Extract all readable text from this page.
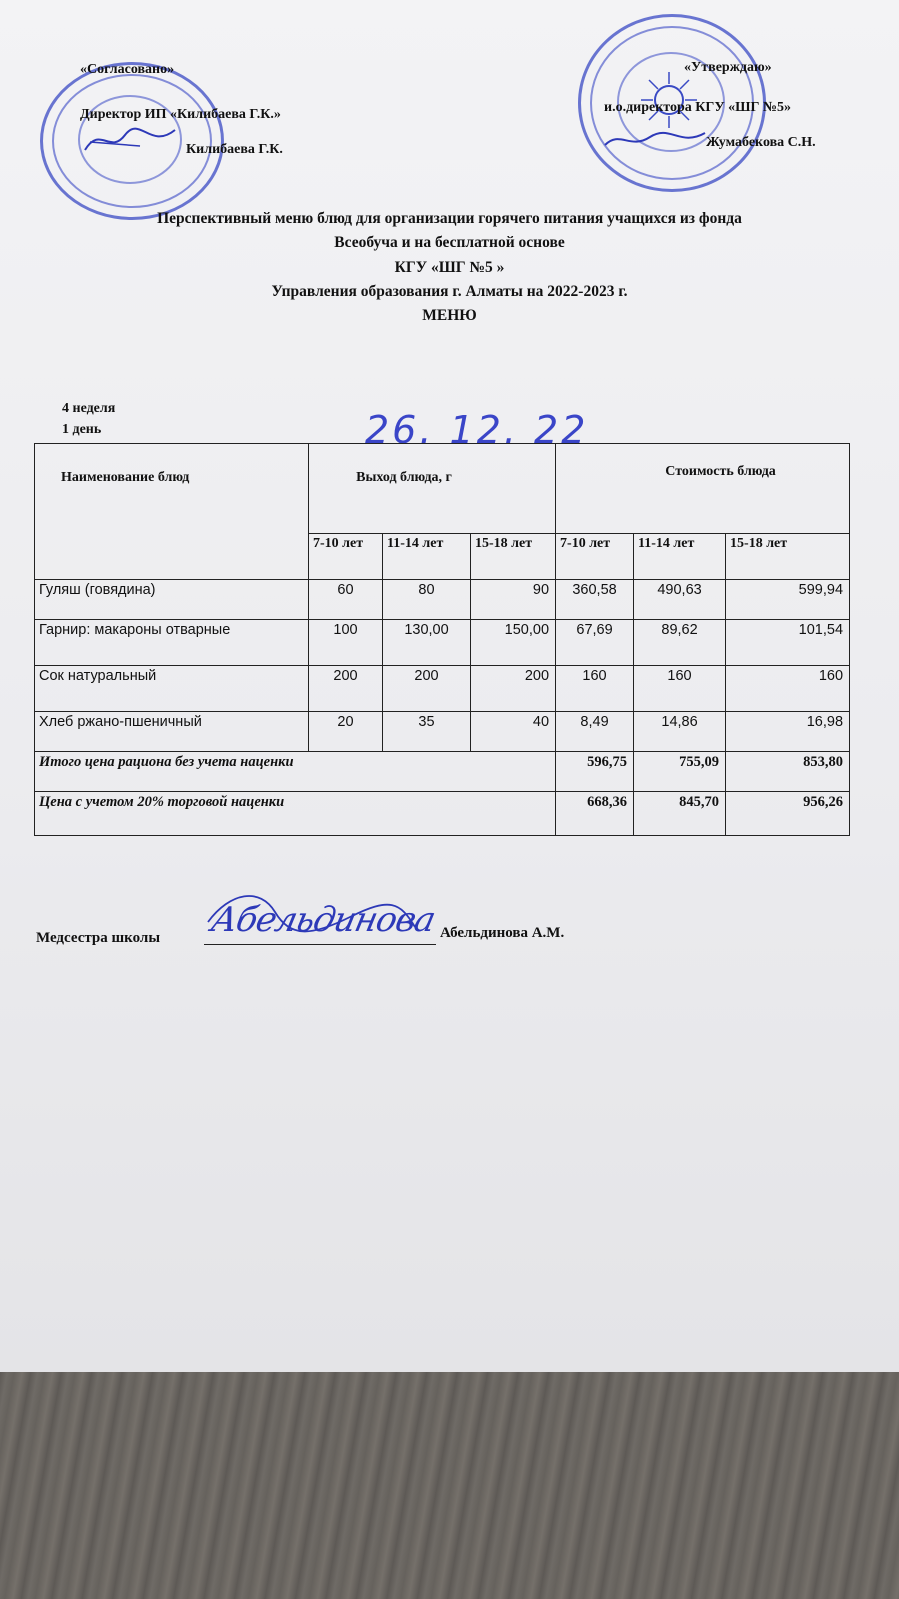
«Согласовано»
Директор ИП «Килибаева Г.К.»
Килибаева Г.К.
«Утверждаю»
и.о.директора КГУ «ШГ №5»
Жумабекова С.Н.
Перспективный меню блюд для организации горячего питания учащихся из фонда
Всеобуча и на бесплатной основе
КГУ «ШГ №5 »
Управления образования г. Алматы на 2022-2023 г.
МЕНЮ
4 неделя
1 день	26. 12. 22
Наименование блюд	Выход блюда, г			Стоимость блюда		
	7-10 лет	11-14 лет	15-18 лет	7-10 лет	11-14 лет	15-18 лет
Гуляш (говядина)	60	80	90	360,58	490,63	599,94
Гарнир: макароны отварные	100	130,00	150,00	67,69	89,62	101,54
Сок натуральный	200	200	200	160	160	160
Хлеб ржано-пшеничный	20	35	40	8,49	14,86	16,98
Итого цена рациона без учета наценки				596,75	755,09	853,80
Цена с учетом 20% торговой наценки				668,36	845,70	956,26
Медсестра школы Абельдинова Абельдинова А.М.
